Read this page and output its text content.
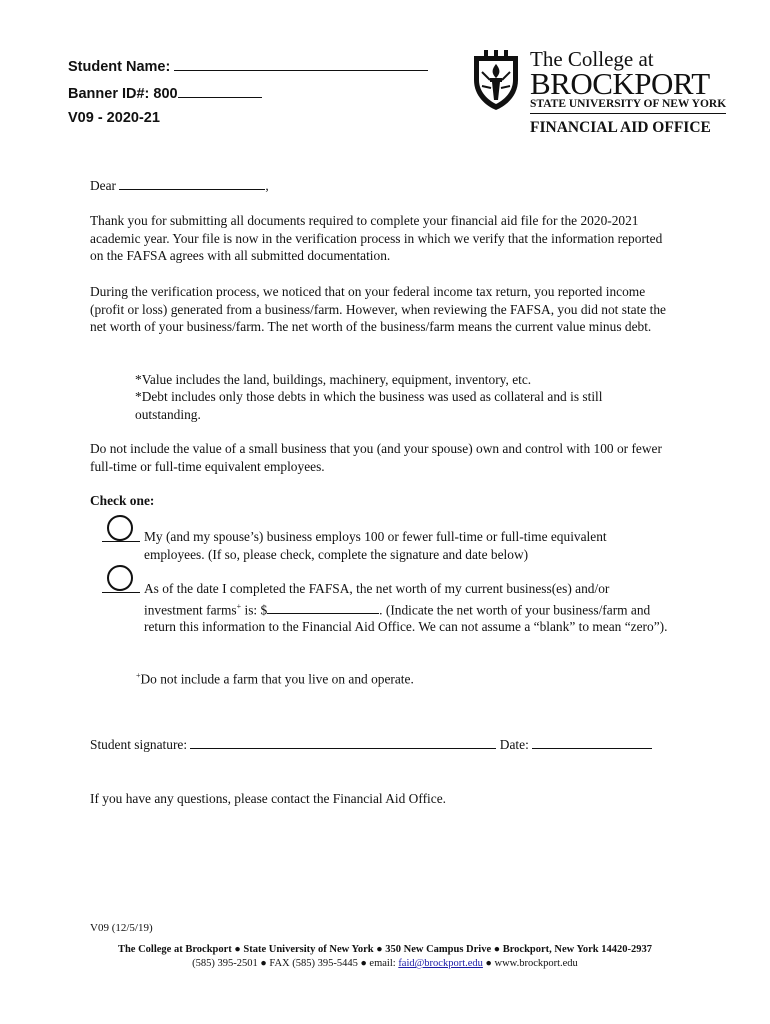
Student Name:
Banner ID#: 800
V09 - 2020-21
The College at
BROCKPORT
STATE UNIVERSITY OF NEW YORK
FINANCIAL AID OFFICE

Dear	,

Thank you for submitting all documents required to complete your financial aid file for the 2020-2021 academic year. Your file is now in the verification process in which we verify that the information reported on the FAFSA agrees with all submitted documentation.

During the verification process, we noticed that on your federal income tax return, you reported income (profit or loss) generated from a business/farm. However, when reviewing the FAFSA, you did not state the net worth of your business/farm. The net worth of the business/farm means the current value minus debt.

*Value includes the land, buildings, machinery, equipment, inventory, etc.

*Debt includes only those debts in which the business was used as collateral and is still outstanding.

Do not include the value of a small business that you (and your spouse) own and control with 100 or fewer full-time or full-time equivalent employees.

Check one:

My (and my spouse’s) business employs 100 or fewer full-time or full-time equivalent employees. (If so, please check, complete the signature and date below)

As of the date I completed the FAFSA, the net worth of my current business(es) and/or investment farms+ is: $	. (Indicate the net worth of your business/farm and return this information to the Financial Aid Office. We can not assume a “blank” to mean “zero”).

+Do not include a farm that you live on and operate.

Student signature:	Date:

If you have any questions, please contact the Financial Aid Office.

V09 (12/5/19)

The College at Brockport ● State University of New York ● 350 New Campus Drive ● Brockport, New York 14420-2937
(585) 395-2501 ● FAX (585) 395-5445 ● email: faid@brockport.edu ● www.brockport.edu
